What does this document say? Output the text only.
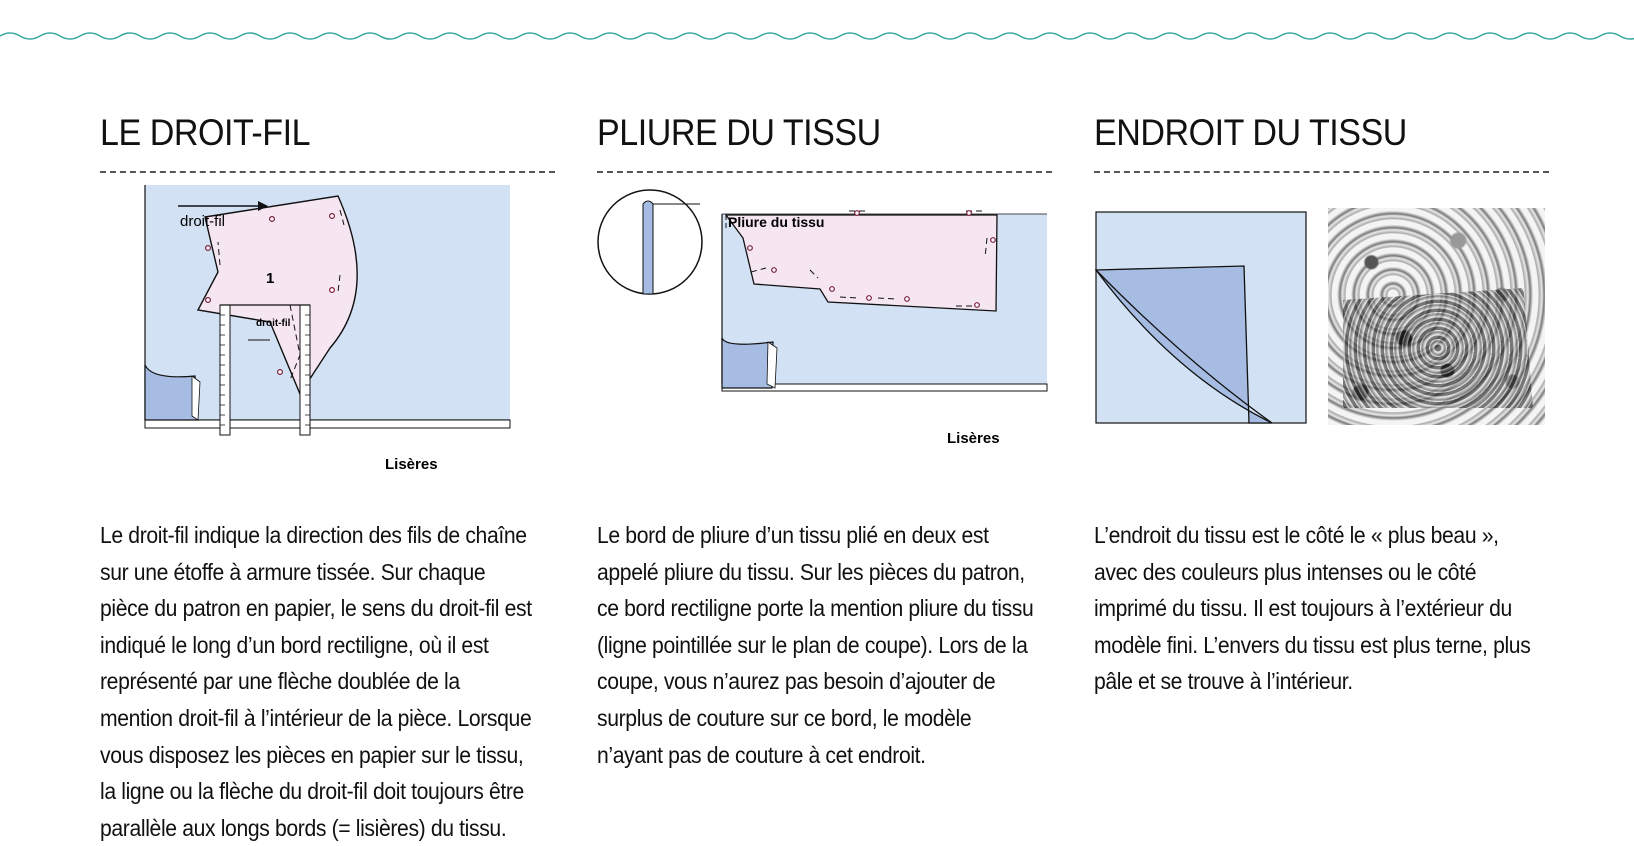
LE DROIT-FIL

Le droit-fil indique la direction des fils de chaîne sur une étoffe à armure tissée. Sur chaque pièce du patron en papier, le sens du droit-fil est indiqué le long d’un bord rectiligne, où il est représenté par une flèche doublée de la mention droit-fil à l’intérieur de la pièce. Lorsque vous disposez les pièces en papier sur le tissu, la ligne ou la flèche du droit-fil doit toujours être parallèle aux longs bords (= lisières) du tissu.

droit-fil
1
droit-fil
Lisères
PLIURE DU TISSU

Le bord de pliure d’un tissu plié en deux est appelé pliure du tissu. Sur les pièces du patron, ce bord rectiligne porte la mention pliure du tissu (ligne pointillée sur le plan de coupe). Lors de la coupe, vous n’aurez pas besoin d’ajouter de surplus de couture sur ce bord, le modèle n’ayant pas de couture à cet endroit.

Pliure du tissu
Lisères
ENDROIT DU TISSU

L’endroit du tissu est le côté le « plus beau », avec des couleurs plus intenses ou le côté imprimé du tissu. Il est toujours à l’extérieur du modèle fini. L’envers du tissu est plus terne, plus pâle et se trouve à l’intérieur.
